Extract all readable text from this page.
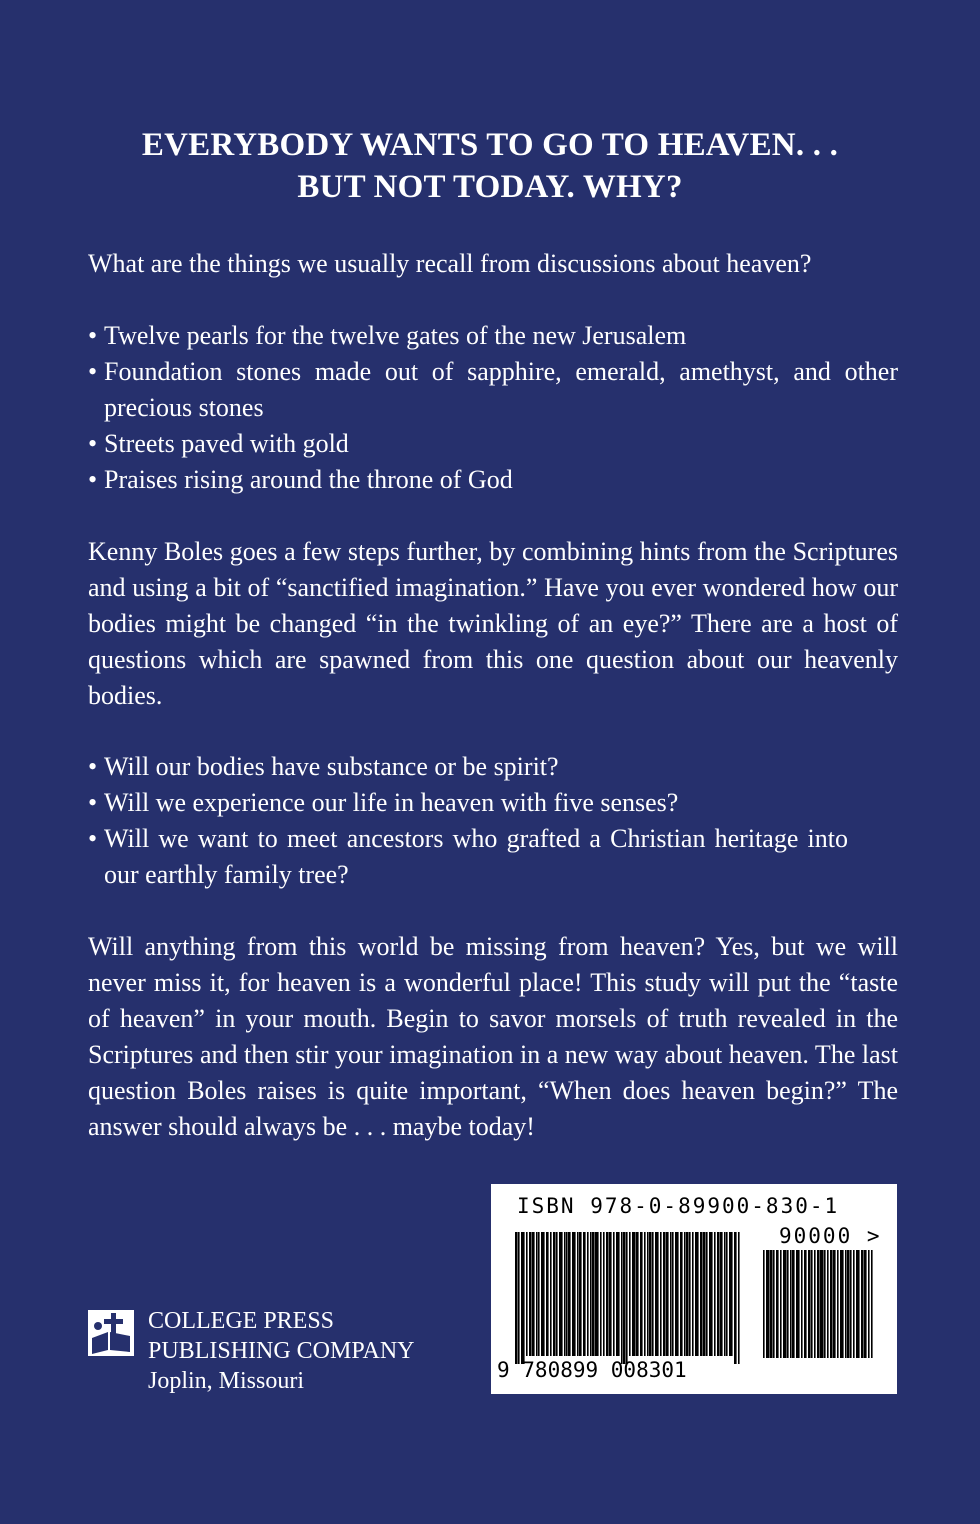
EVERYBODY WANTS TO GO TO HEAVEN. . .
BUT NOT TODAY. WHY?

What are the things we usually recall from discussions about heaven?

• Twelve pearls for the twelve gates of the new Jerusalem
• Foundation stones made out of sapphire, emerald, amethyst, and other precious stones
• Streets paved with gold
• Praises rising around the throne of God

Kenny Boles goes a few steps further, by combining hints from the Scriptures and using a bit of “sanctified imagination.” Have you ever wondered how our bodies might be changed “in the twinkling of an eye?” There are a host of questions which are spawned from this one question about our heavenly bodies.

• Will our bodies have substance or be spirit?
• Will we experience our life in heaven with five senses?
• Will we want to meet ancestors who grafted a Christian heritage into our earthly family tree?

Will anything from this world be missing from heaven? Yes, but we will never miss it, for heaven is a wonderful place! This study will put the “taste of heaven” in your mouth. Begin to savor morsels of truth revealed in the Scriptures and then stir your imagination in a new way about heaven. The last question Boles raises is quite important, “When does heaven begin?” The answer should always be . . . maybe today!

COLLEGE PRESS
PUBLISHING COMPANY
Joplin, Missouri
ISBN 978-0-89900-830-1
90000 >
9 780899 008301
